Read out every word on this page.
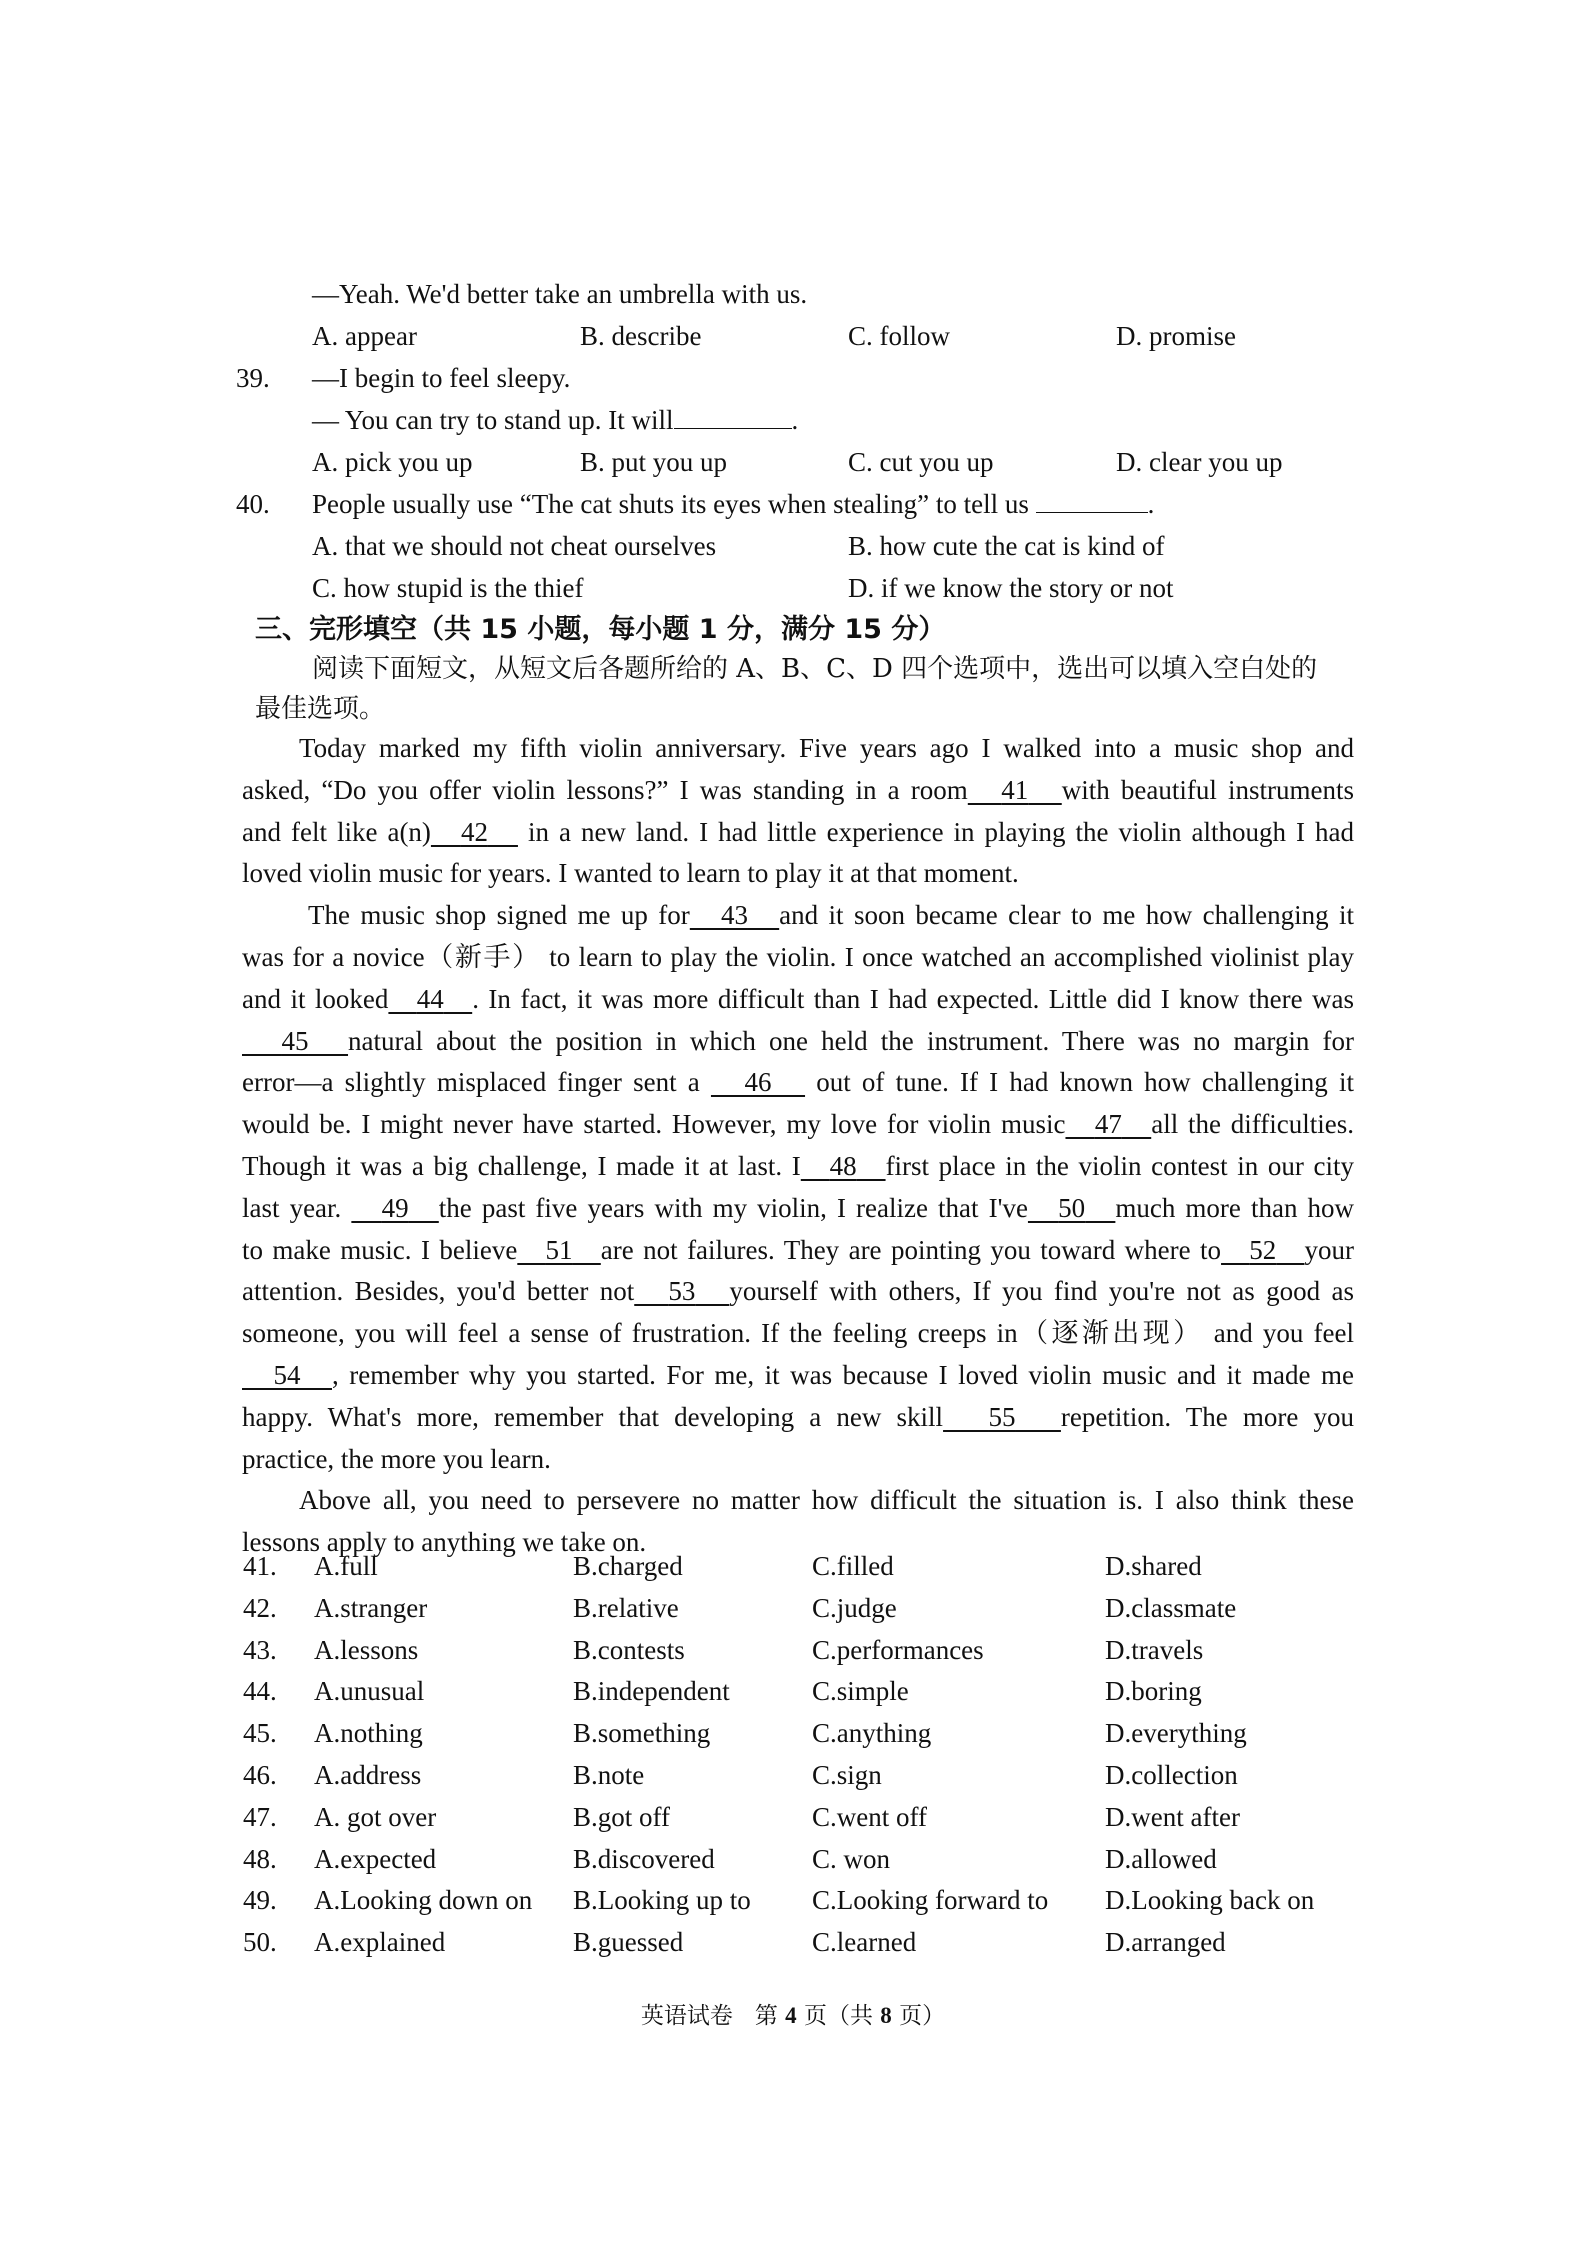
—Yeah. We'd better take an umbrella with us.
A. appear	B. describe	C. follow	D. promise
39. —I begin to feel sleepy.
— You can try to stand up. It will	.
A. pick you up	B. put you up	C. cut you up	D. clear you up
40. People usually use “The cat shuts its eyes when stealing” to tell us	.
A. that we should not cheat ourselves	B. how cute the cat is kind of
C. how stupid is the thief	D. if we know the story or not
三、完形填空（共 15 小题，每小题 1 分，满分 15 分）
阅读下面短文，从短文后各题所给的 A、B、C、D 四个选项中，选出可以填入空白处的
最佳选项。
Today marked my fifth violin anniversary. Five years ago I walked into a music shop and
asked, “Do you offer violin lessons?” I was standing in a room 41 with beautiful instruments
and felt like a(n) 42    in a new land. I had little experience in playing the violin although I had
loved violin music for years. I wanted to learn to play it at that moment.
The music shop signed me up for 43 and it soon became clear to me how challenging it
was for a novice（新手） to learn to play the violin. I once watched an accomplished violinist play
and it looked 44 . In fact, it was more difficult than I had expected. Little did I know there was
45 natural about the position in which one held the instrument. There was no margin for
error—a slightly misplaced finger sent a    46    out of tune. If I had known how challenging it
would be. I might never have started. However, my love for violin music 47 all the difficulties.
Though it was a big challenge, I made it at last. I 48 first place in the violin contest in our city
last year.    49 the past five years with my violin, I realize that I've 50 much more than how
to make music. I believe 51 are not failures. They are pointing you toward where to 52 your
attention. Besides, you'd better not 53 yourself with others, If you find you're not as good as
someone, you will feel a sense of frustration. If the feeling creeps in（逐渐出现） and you feel
54 , remember why you started. For me, it was because I loved violin music and it made me
happy. What's more, remember that developing a new skill 55 repetition. The more you
practice, the more you learn.
Above all, you need to persevere no matter how difficult the situation is. I also think these
lessons apply to anything we take on.
41. A.full	B.charged	C.filled	D.shared
42. A.stranger	B.relative	C.judge	D.classmate
43. A.lessons	B.contests	C.performances	D.travels
44. A.unusual	B.independent	C.simple	D.boring
45. A.nothing	B.something	C.anything	D.everything
46. A.address	B.note	C.sign	D.collection
47. A. got over	B.got off	C.went off	D.went after
48. A.expected	B.discovered	C. won	D.allowed
49. A.Looking down on B.Looking up to C.Looking forward to D.Looking back on
50. A.explained	B.guessed	C.learned	D.arranged
英语试卷 第 4 页（共 8 页）
